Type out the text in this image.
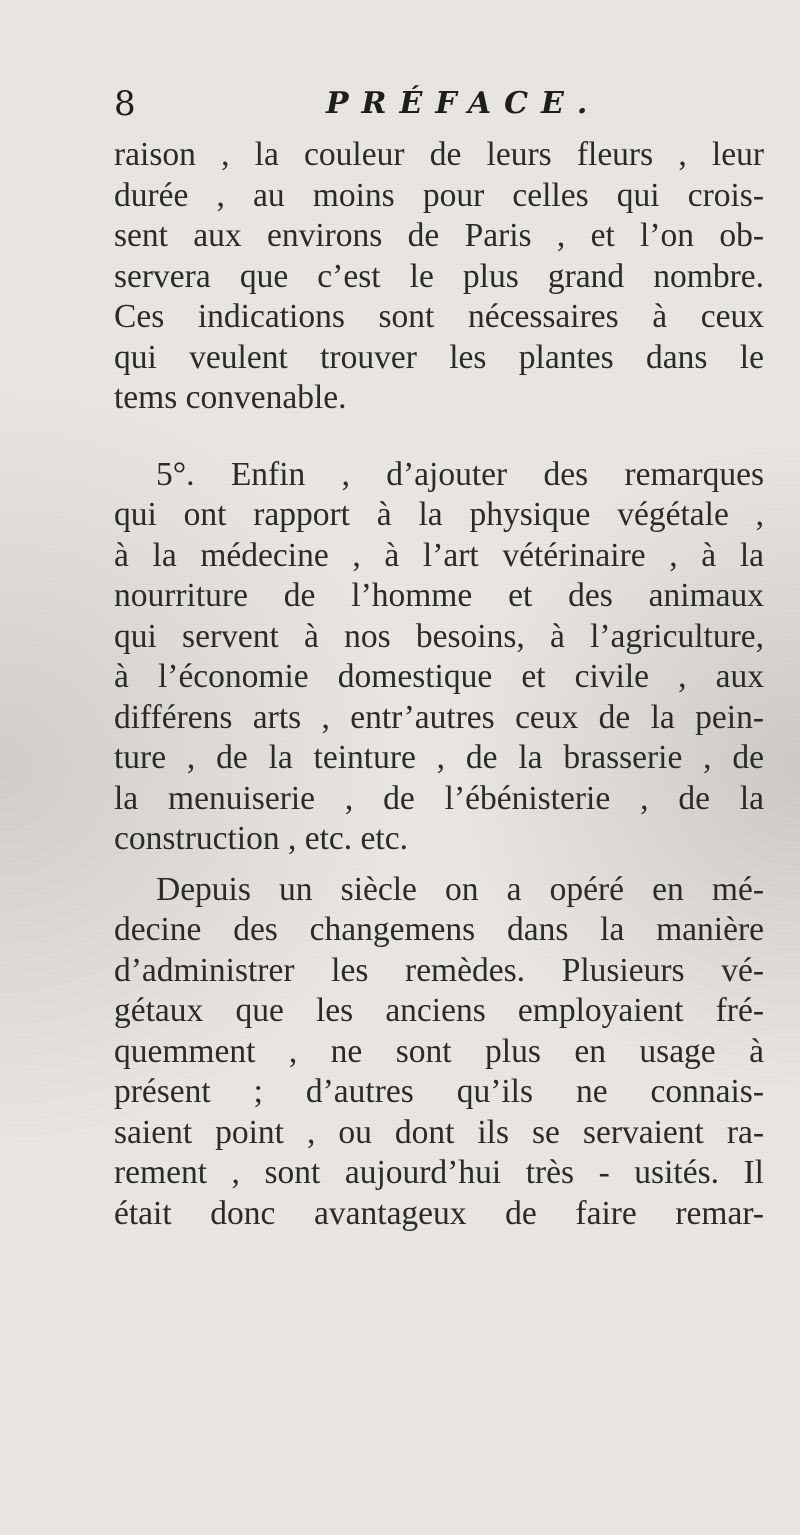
8	PRÉFACE.
raison , la couleur de leurs fleurs , leur
durée , au moins pour celles qui crois-
sent aux environs de Paris , et l’on ob-
servera que c’est le plus grand nombre.
Ces indications sont nécessaires à ceux
qui veulent trouver les plantes dans le
tems convenable.
5°. Enfin , d’ajouter des remarques
qui ont rapport à la physique végétale ,
à la médecine , à l’art vétérinaire , à la
nourriture de l’homme et des animaux
qui servent à nos besoins, à l’agriculture,
à l’économie domestique et civile , aux
différens arts , entr’autres ceux de la pein-
ture , de la teinture , de la brasserie , de
la menuiserie , de l’ébénisterie , de la
construction , etc. etc.
Depuis un siècle on a opéré en mé-
decine des changemens dans la manière
d’administrer les remèdes. Plusieurs vé-
gétaux que les anciens employaient fré-
quemment , ne sont plus en usage à
présent ; d’autres qu’ils ne connais-
saient point , ou dont ils se servaient ra-
rement , sont aujourd’hui très - usités. Il
était donc avantageux de faire remar-
